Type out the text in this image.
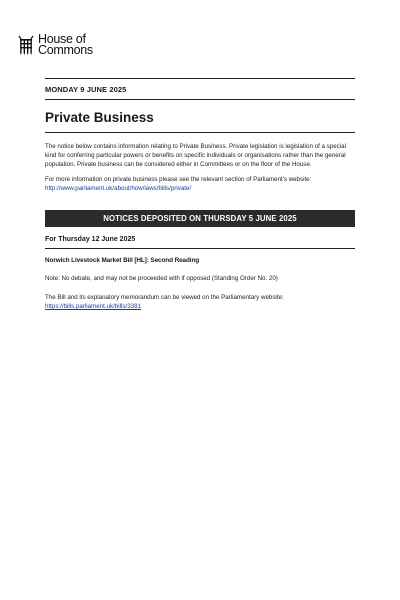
House of
Commons
MONDAY 9 JUNE 2025
Private Business

The notice below contains information relating to Private Business. Private legislation is legislation of a special kind for conferring particular powers or benefits on specific individuals or organisations rather than the general population. Private business can be considered either in Committees or on the floor of the House.

For more information on private business please see the relevant section of Parliament's website: http://www.parliament.uk/about/how/laws/bills/private/

NOTICES DEPOSITED ON THURSDAY 5 JUNE 2025
For Thursday 12 June 2025
Norwich Livestock Market Bill [HL]: Second Reading
Note: No debate, and may not be proceeded with if opposed (Standing Order No. 20)
The Bill and its explanatory memorandum can be viewed on the Parliamentary website:
https://bills.parliament.uk/bills/3381
